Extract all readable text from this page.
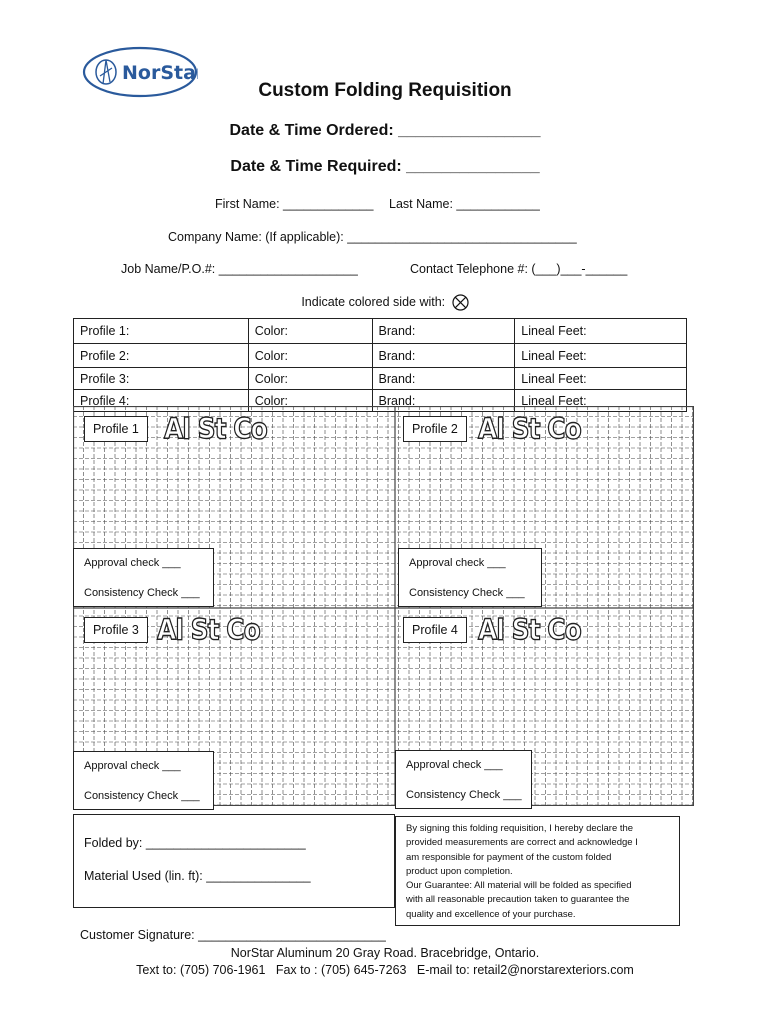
NorStar
Custom Folding Requisition
Date & Time Ordered: ________________
Date & Time Required: _______________
First Name: _____________ Last Name: ____________
Company Name: (If applicable): _________________________________
Job Name/P.O.#: ____________________	Contact Telephone #: (___)___-______
Indicate colored side with:
Profile 1:	Color:	Brand:	Lineal Feet:
Profile 2:	Color:	Brand:	Lineal Feet:
Profile 3:	Color:	Brand:	Lineal Feet:
Profile 4:	Color:	Brand:	Lineal Feet:
Profile 1	Al St Co
Approval check ___
Consistency Check ___
Profile 2 Al St Co
Approval check ___
Consistency Check ___
Profile 3 Al St Co
Approval check ___
Consistency Check ___
Profile 4 Al St Co
Approval check ___
Consistency Check ___
Folded by: _______________________
Material Used (lin. ft): _______________
By signing this folding requisition, I hereby declare the
provided measurements are correct and acknowledge I
am responsible for payment of the custom folded
product upon completion.
Our Guarantee: All material will be folded as specified
with all reasonable precaution taken to guarantee the
quality and excellence of your purchase.
Customer Signature: ___________________________
NorStar Aluminum 20 Gray Road. Bracebridge, Ontario.
Text to: (705) 706-1961   Fax to : (705) 645-7263   E-mail to: retail2@norstarexteriors.com
